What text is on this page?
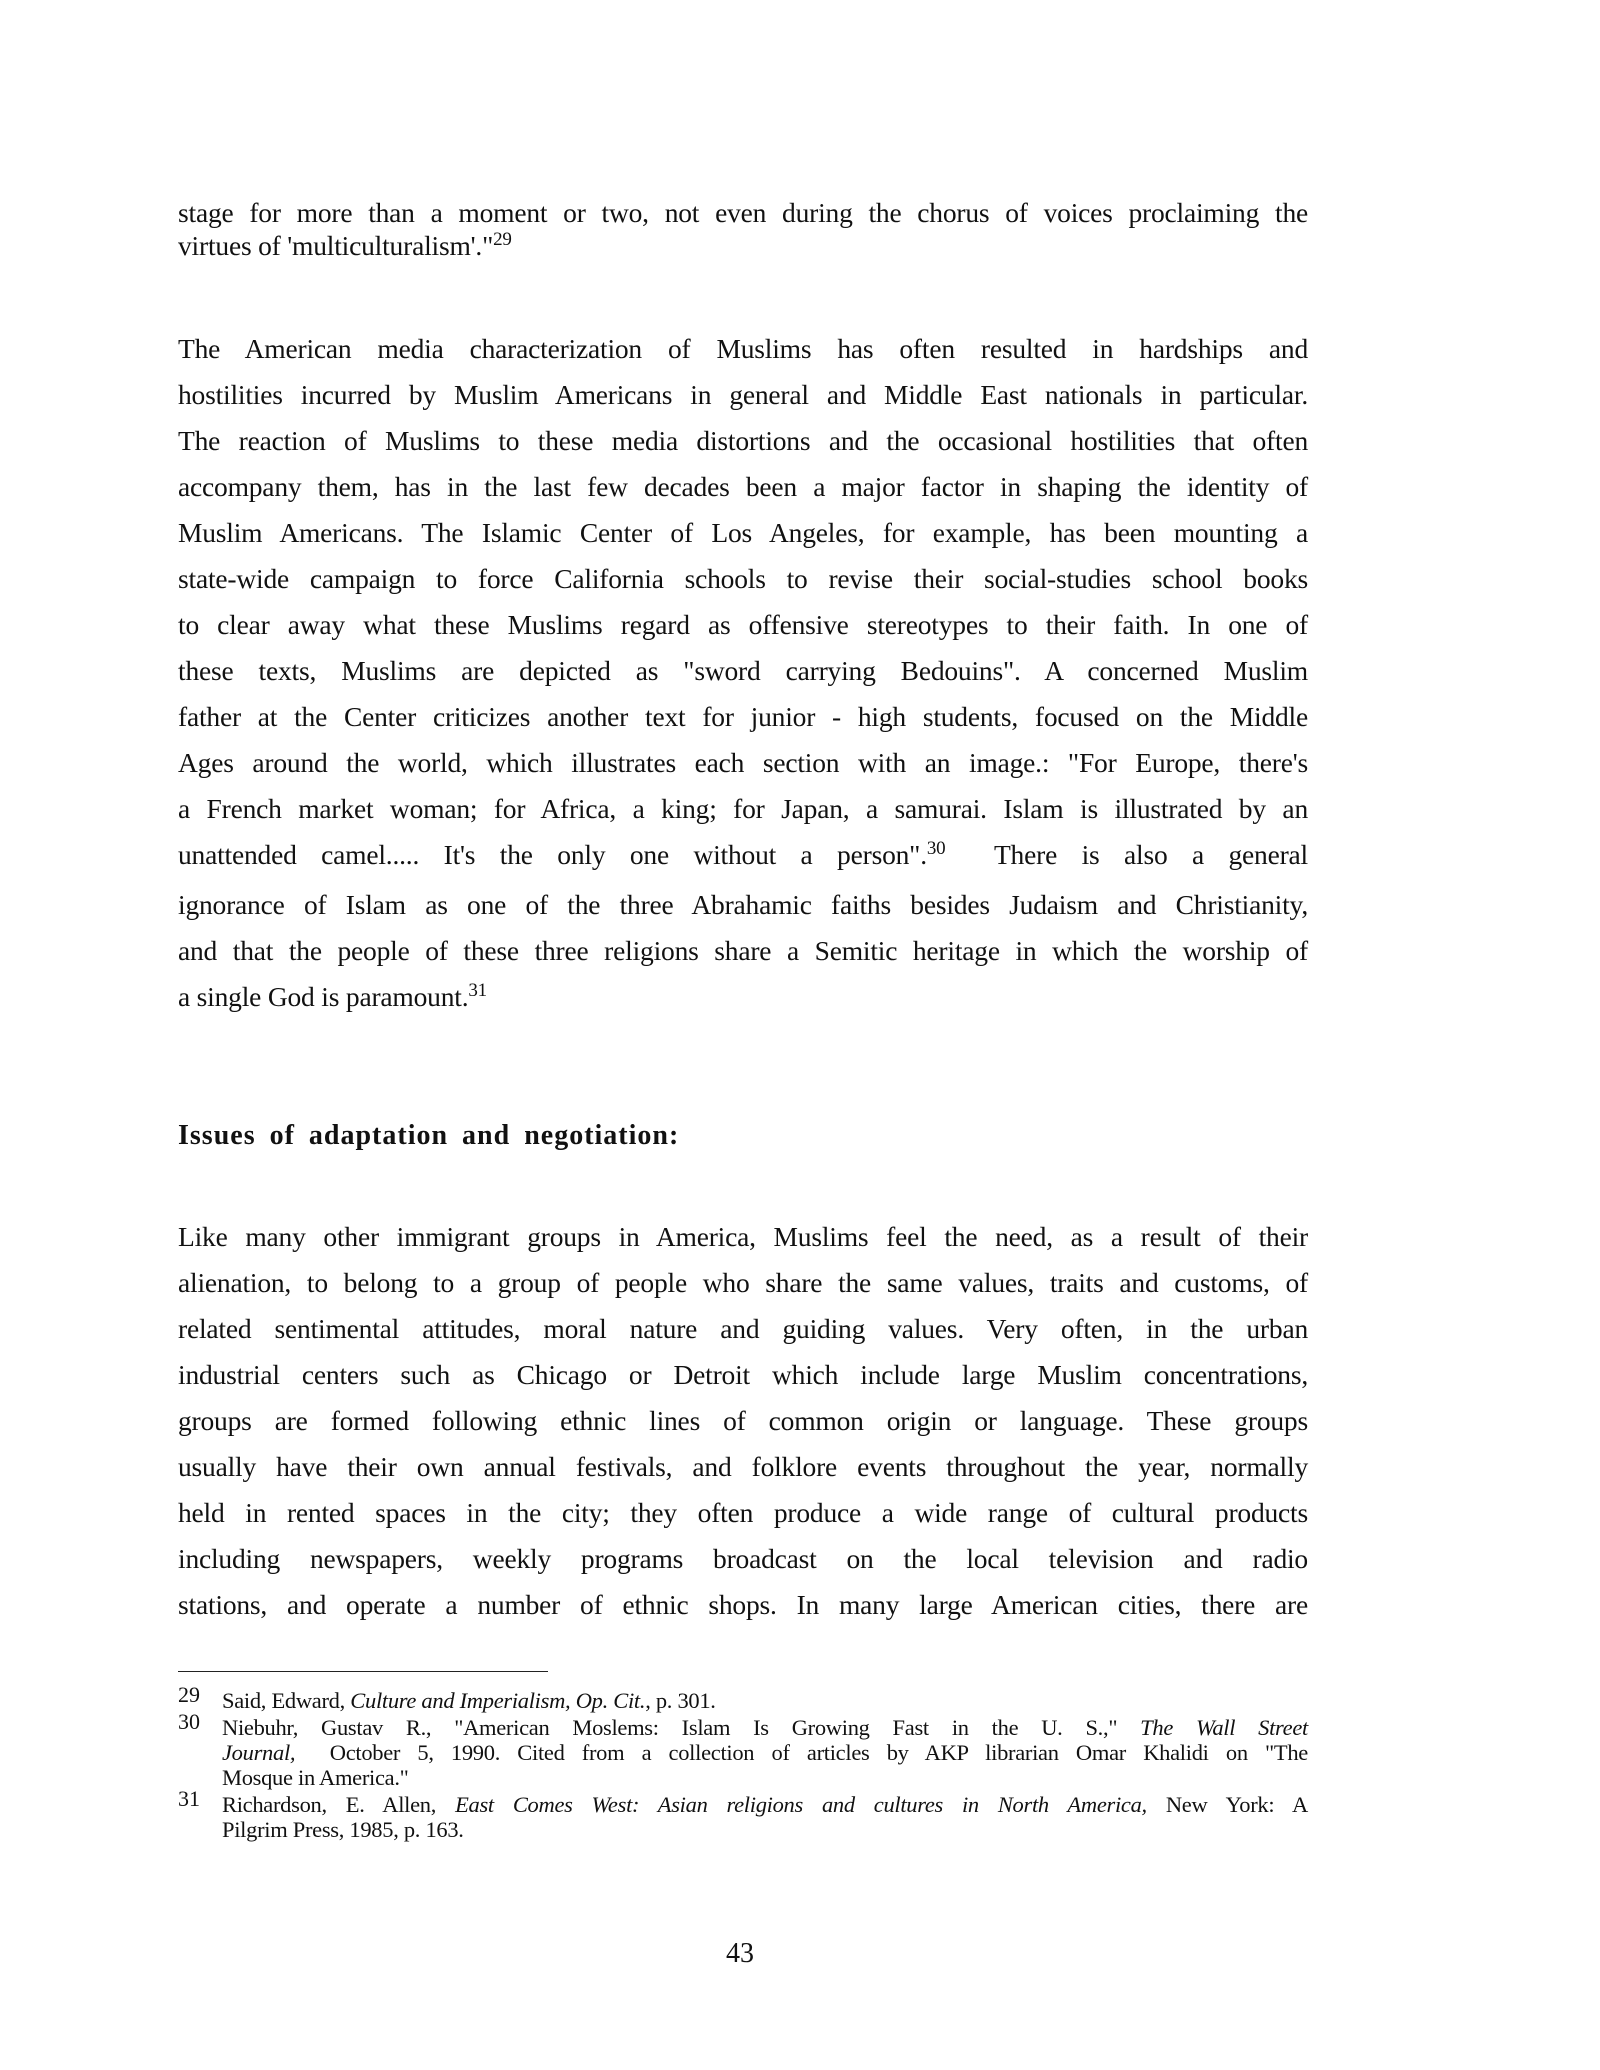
stage for more than a moment or two, not even during the chorus of voices proclaiming the
virtues of 'multiculturalism'."$^{29}$
The American media characterization of Muslims has often resulted in hardships and
hostilities incurred by Muslim Americans in general and Middle East nationals in particular.
The reaction of Muslims to these media distortions and the occasional hostilities that often
accompany them, has in the last few decades been a major factor in shaping the identity of
Muslim Americans. The Islamic Center of Los Angeles, for example, has been mounting a
state-wide campaign to force California schools to revise their social-studies school books
to clear away what these Muslims regard as offensive stereotypes to their faith. In one of
these texts, Muslims are depicted as "sword carrying Bedouins". A concerned Muslim
father at the Center criticizes another text for junior - high students, focused on the Middle
Ages around the world, which illustrates each section with an image.: "For Europe, there's
a French market woman; for Africa, a king; for Japan, a samurai. Islam is illustrated by an
unattended camel..... It's the only one without a person".$^{30}$  There is also a general
ignorance of Islam as one of the three Abrahamic faiths besides Judaism and Christianity,
and that the people of these three religions share a Semitic heritage in which the worship of
a single God is paramount.$^{31}$
Issues of adaptation and negotiation:
Like many other immigrant groups in America, Muslims feel the need, as a result of their
alienation, to belong to a group of people who share the same values, traits and customs, of
related sentimental attitudes, moral nature and guiding values. Very often, in the urban
industrial centers such as Chicago or Detroit which include large Muslim concentrations,
groups are formed following ethnic lines of common origin or language. These groups
usually have their own annual festivals, and folklore events throughout the year, normally
held in rented spaces in the city; they often produce a wide range of cultural products
including newspapers, weekly programs broadcast on the local television and radio
stations, and operate a number of ethnic shops. In many large American cities, there are
29 Said, Edward, Culture and Imperialism, Op. Cit., p. 301.
30 Niebuhr, Gustav R., "American Moslems: Islam Is Growing Fast in the U. S.," The Wall Street
Journal,  October 5, 1990. Cited from a collection of articles by AKP librarian Omar Khalidi on "The
Mosque in America."
31 Richardson, E. Allen, East Comes West: Asian religions and cultures in North America, New York: A
Pilgrim Press, 1985, p. 163.
43
